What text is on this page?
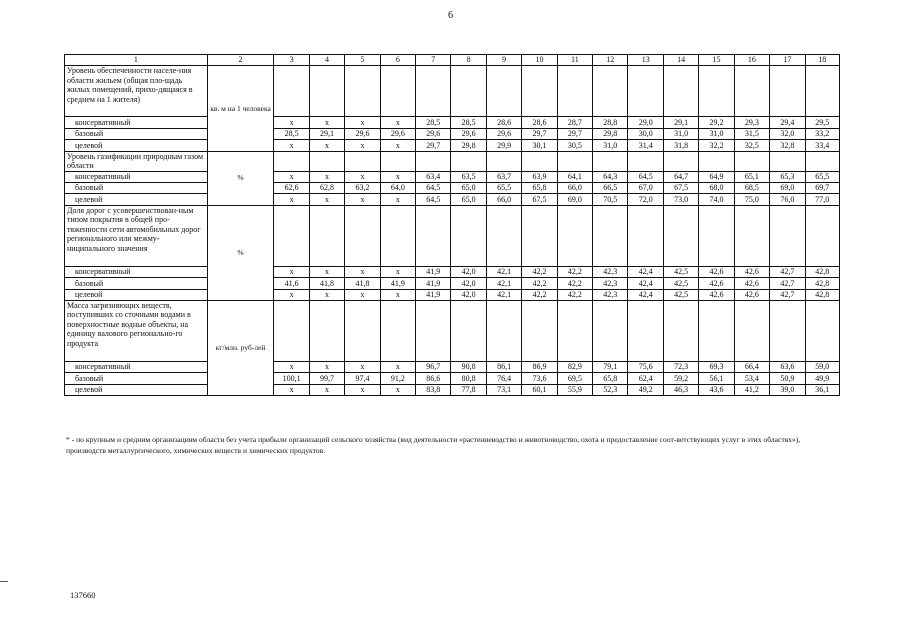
6
1	2	3	4	5	6	7	8	9	10	11	12	13	14	15	16	17	18
Уровень обеспеченности населе-ния области жильем (общая пло-щадь жилых помещений, прихо-дящаяся в среднем на 1 жителя)	кв. м на 1 человека																
консервативный		x	x	x	x	28,5	28,5	28,6	28,6	28,7	28,8	29,0	29,1	29,2	29,3	29,4	29,5
базовый		28,5	29,1	29,6	29,6	29,6	29,6	29,6	29,7	29,7	29,8	30,0	31,0	31,0	31,5	32,0	33,2
целевой		x	x	x	x	29,7	29,8	29,9	30,1	30,5	31,0	31,4	31,8	32,2	32,5	32,8	33,4
Уровень газификации природным газом области	%																
консервативный		x	x	x	x	63,4	63,5	63,7	63,9	64,1	64,3	64,5	64,7	64,9	65,1	65,3	65,5
базовый		62,6	62,8	63,2	64,0	64,5	65,0	65,5	65,8	66,0	66,5	67,0	67,5	68,0	68,5	69,0	69,7
целевой		x	x	x	x	64,5	65,0	66,0	67,5	69,0	70,5	72,0	73,0	74,0	75,0	76,0	77,0
Доля дорог с усовершенствован-ным типом покрытия в общей про-тяженности сети автомобильных дорог регионального или межму-ниципального значения	%																
консервативный		x	x	x	x	41,9	42,0	42,1	42,2	42,2	42,3	42,4	42,5	42,6	42,6	42,7	42,8
базовый		41,6	41,8	41,8	41,9	41,9	42,0	42,1	42,2	42,2	42,3	42,4	42,5	42,6	42,6	42,7	42,8
целевой		x	x	x	x	41,9	42,0	42,1	42,2	42,2	42,3	42,4	42,5	42,6	42,6	42,7	42,8
Масса загрязняющих веществ, поступивших со сточными водами в поверхностные водные объекты, на единицу валового регионально-го продукта	кг/млн. руб-лей																
консервативный		x	x	x	x	96,7	90,8	86,1	86,9	82,9	79,1	75,6	72,3	69,3	66,4	63,6	59,0
базовый		100,1	99,7	97,4	91,2	86,6	80,8	76,4	73,6	69,5	65,8	62,4	59,2	56,1	53,4	50,9	49,9
целевой		x	x	x	x	83,8	77,8	73,1	60,1	55,9	52,3	49,2	46,3	43,6	41,2	39,0	36,1
* - по крупным и средним организациям области без учета прибыли организаций сельского хозяйства (вид деятельности «растениеводство и животноводство, охота и предоставление соот-ветствующих услуг в этих областях»), производств металлургического, химических веществ и химических продуктов.
137660
